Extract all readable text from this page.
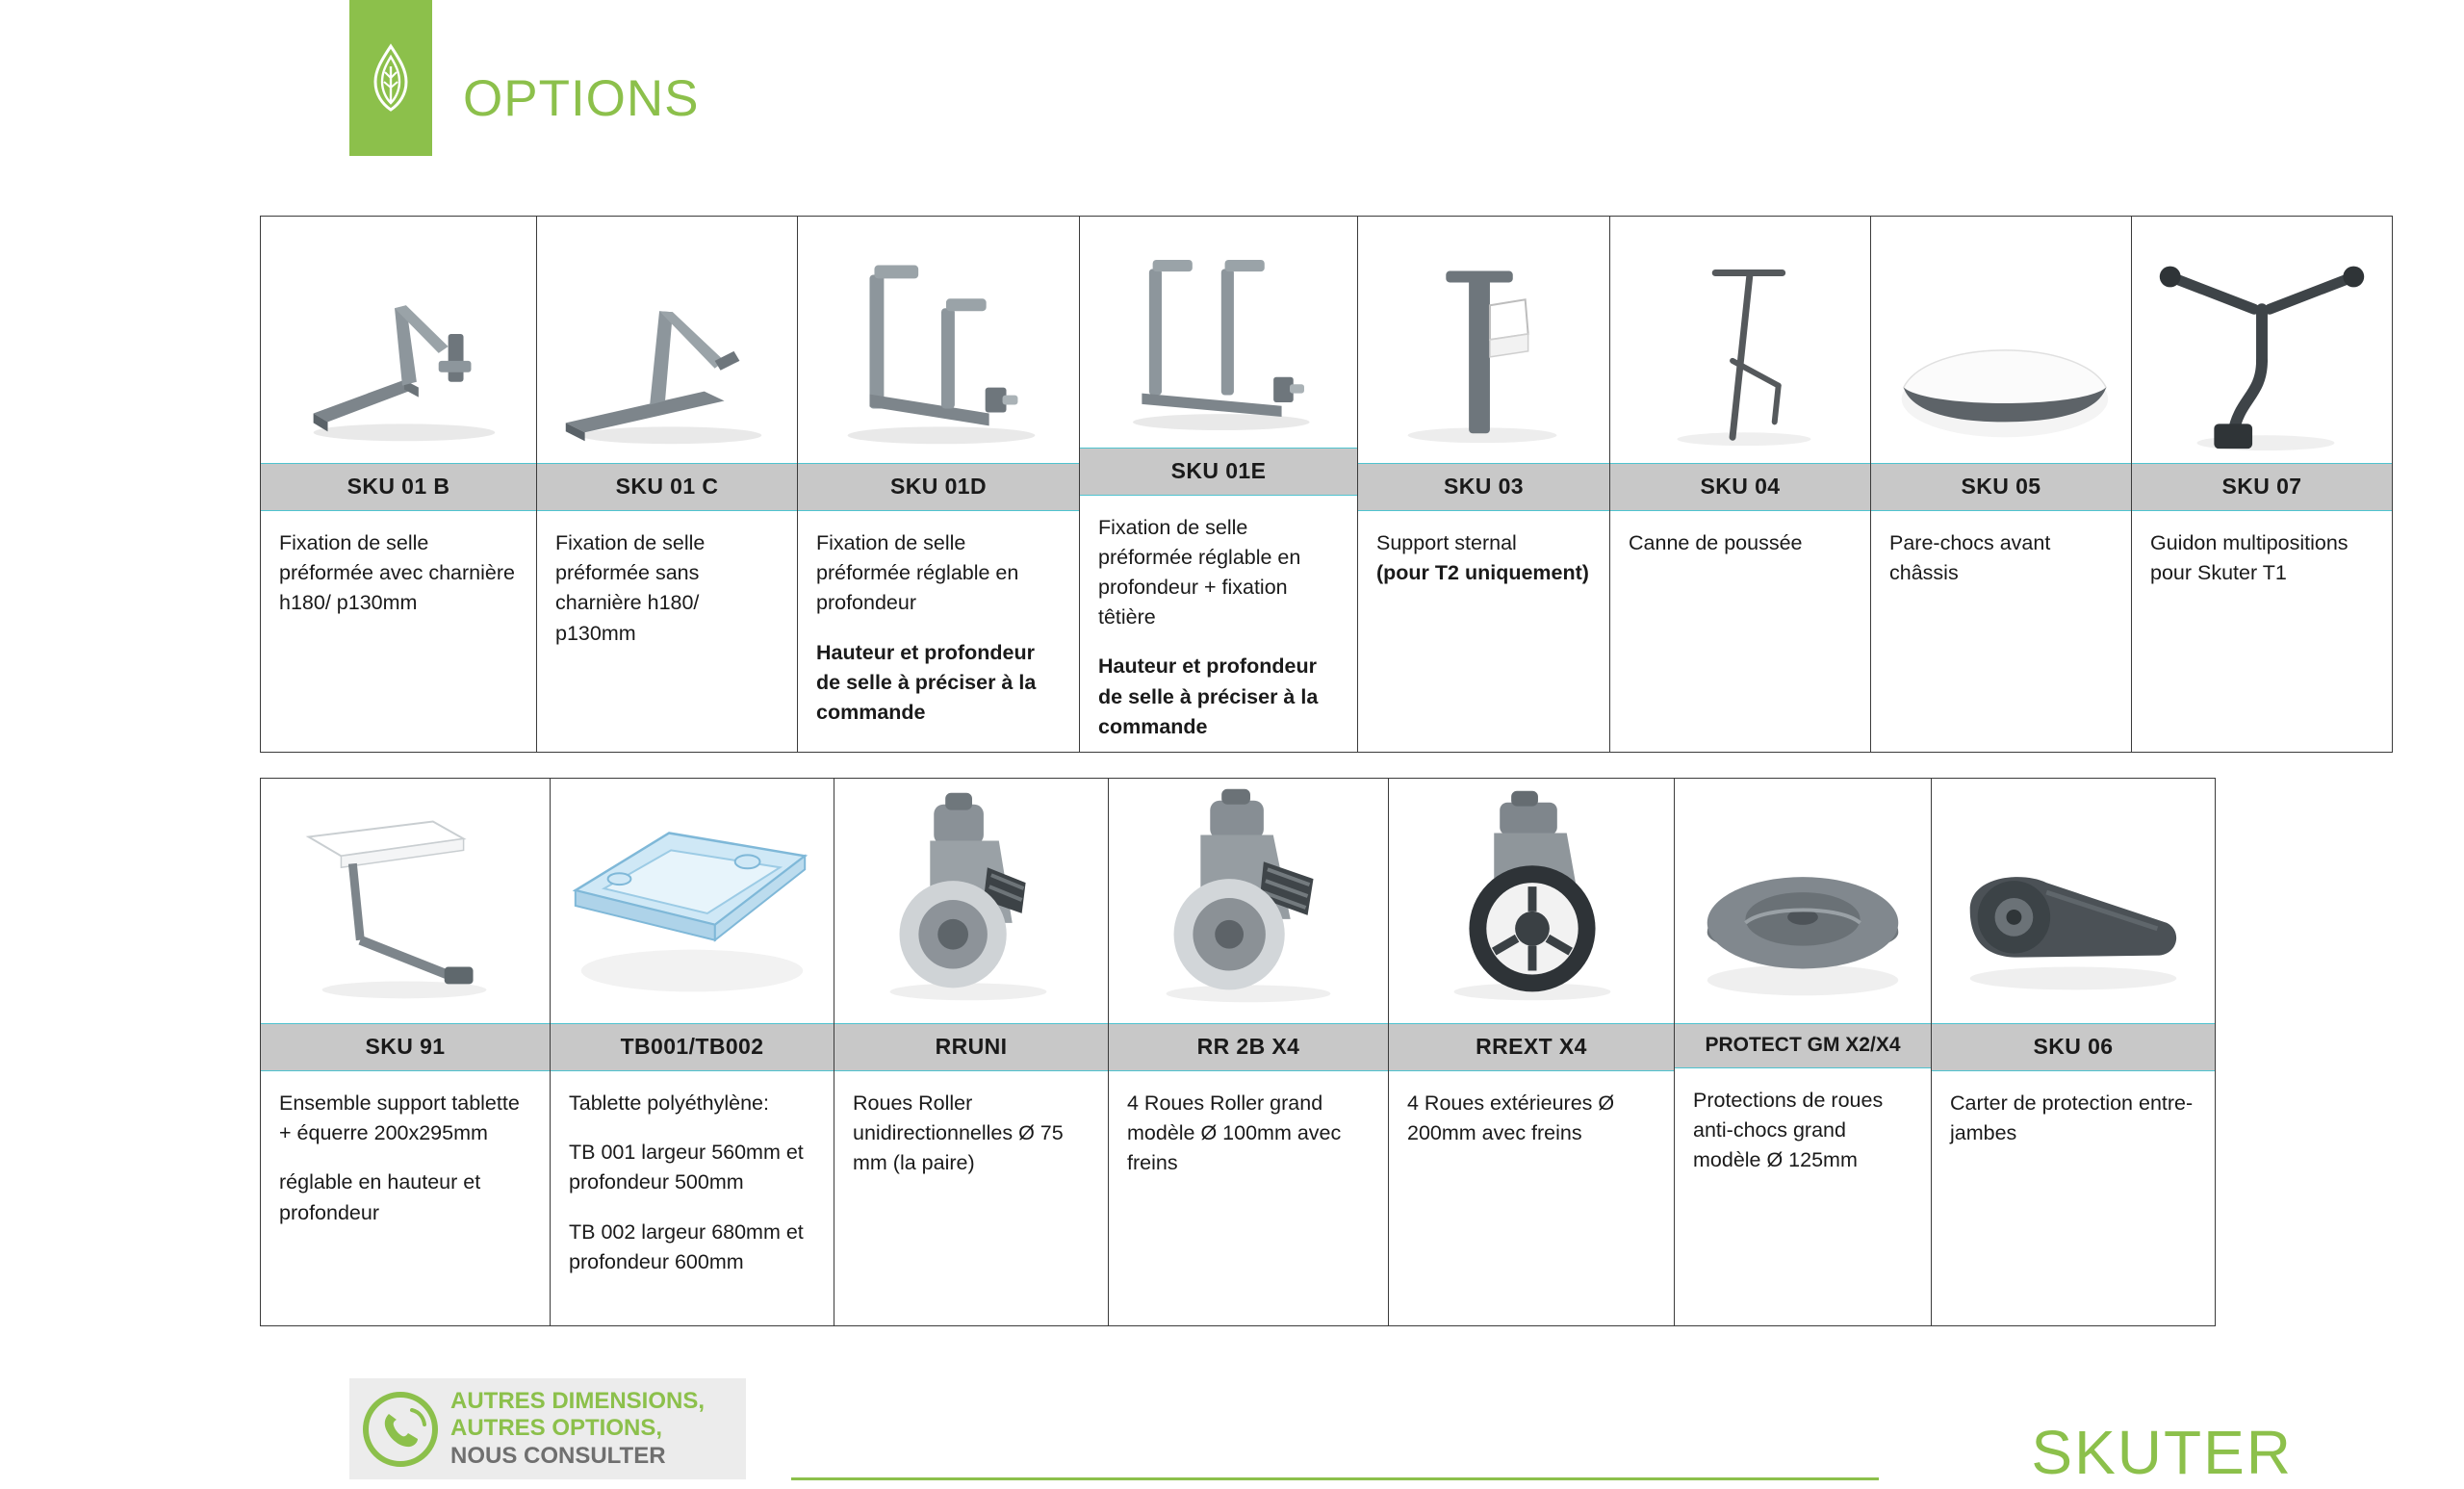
OPTIONS
SKU 01 B

Fixation de selle préformée avec charnière h180/ p130mm

SKU 01 C

Fixation de selle préformée sans charnière h180/ p130mm

SKU 01D

Fixation de selle préformée réglable en profondeur

Hauteur et profondeur de selle à préciser à la commande

SKU 01E

Fixation de selle préformée réglable en profondeur + fixation têtière

Hauteur et profondeur de selle à préciser à la commande

SKU 03

Support sternal

(pour T2 uniquement)

SKU 04

Canne de poussée

SKU 05

Pare-chocs avant châssis

SKU 07

Guidon multipositions pour Skuter T1

SKU 91

Ensemble support tablette + équerre 200x295mm

réglable en hauteur et profondeur

TB001/TB002

Tablette polyéthylène:

TB 001 largeur 560mm et profondeur 500mm

TB 002 largeur 680mm et profondeur 600mm

RRUNI

Roues Roller unidirectionnelles Ø 75 mm (la paire)

RR 2B X4

4 Roues Roller grand modèle Ø 100mm avec freins

RREXT X4

4 Roues extérieures Ø 200mm avec freins

PROTECT GM X2/X4

Protections de roues anti-chocs grand modèle Ø 125mm

SKU 06

Carter de protection entre-jambes

AUTRES DIMENSIONS,
AUTRES OPTIONS,
NOUS CONSULTER	SKUTER
